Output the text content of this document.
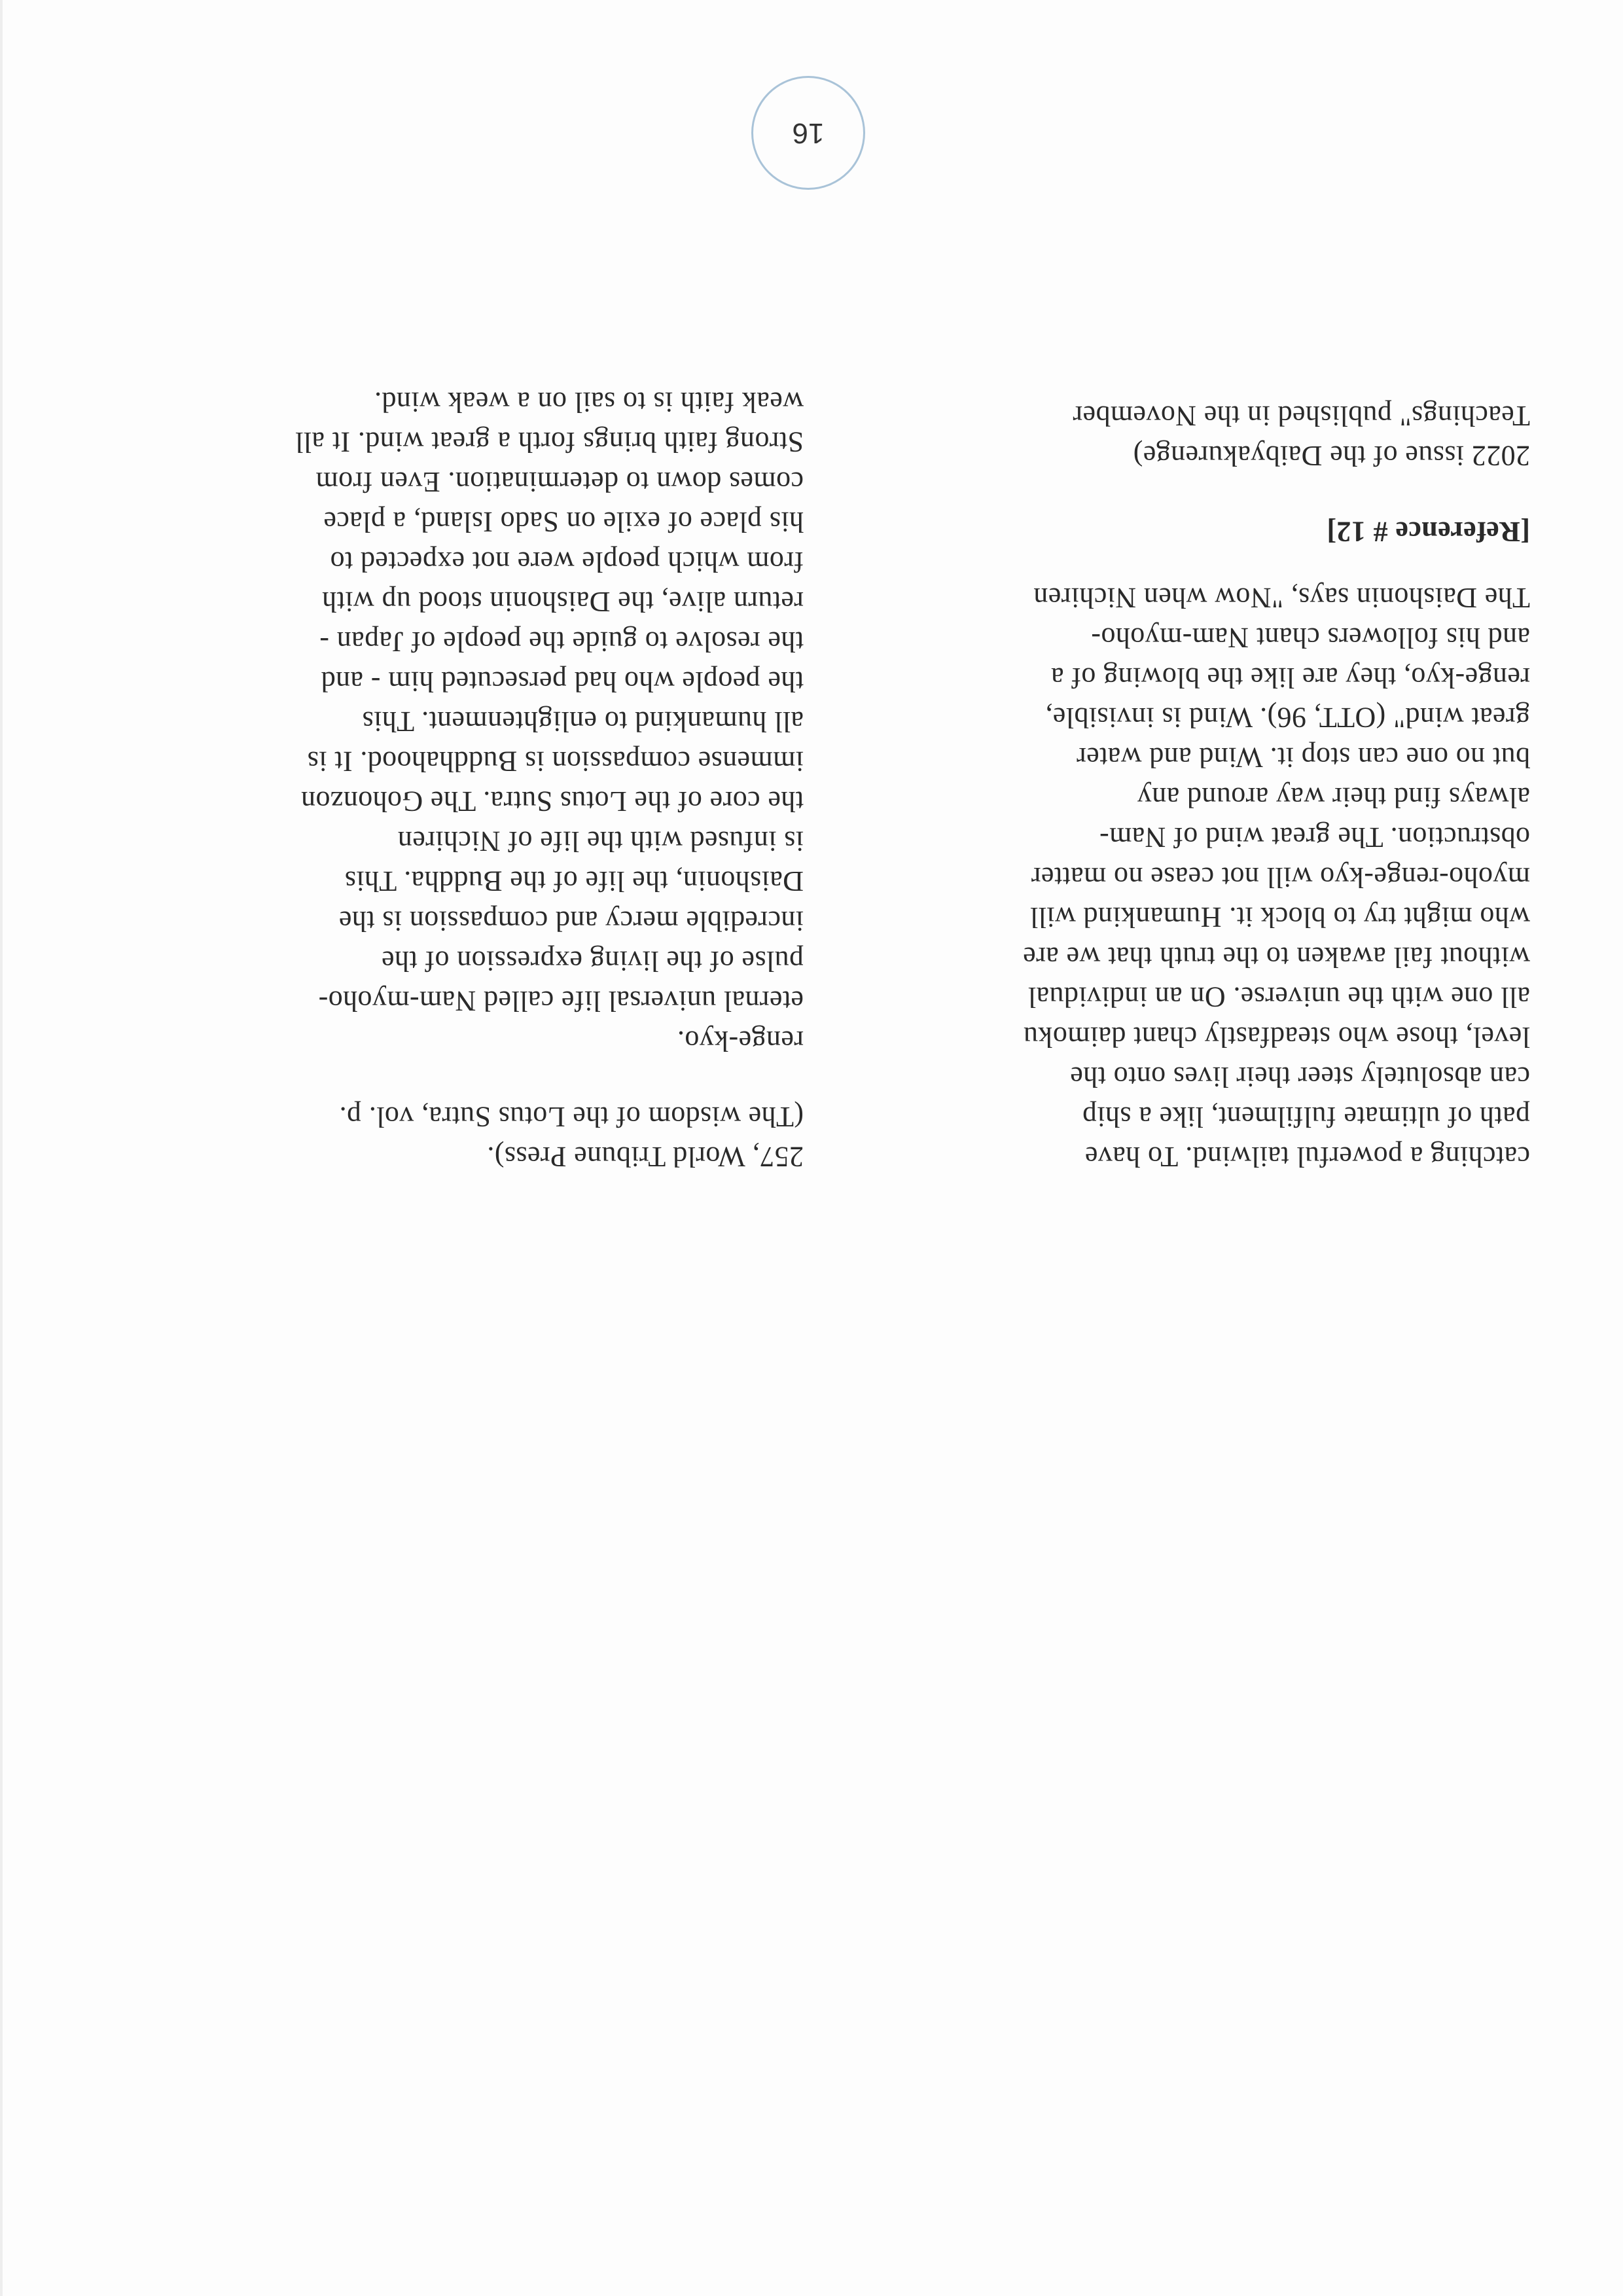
16
catching a powerful tailwind. To have
path of ultimate fulfilment, like a ship
can absolutely steer their lives onto the
level, those who steadfastly chant daimoku
all one with the universe. On an individual
without fail awaken to the truth that we are
who might try to block it. Humankind will
myoho-renge-kyo will not cease no matter
obstruction. The great wind of Nam-
always find their way around any
but no one can stop it. Wind and water
great wind" (OTT, 96). Wind is invisible,
renge-kyo, they are like the blowing of a
and his followers chant Nam-myoho-
The Daishonin says, "Now when Nichiren
[Reference # 12]
2022 issue of the Daibyakurenge)
Teachings" published in the November
257, World Tribune Press).
(The wisdom of the Lotus Sutra, vol. p.
renge-kyo.
eternal universal life called Nam-myoho-
pulse of the living expression of the
incredible mercy and compassion is the
Daishonin, the life of the Buddha. This
is infused with the life of Nichiren
the core of the Lotus Sutra. The Gohonzon
immense compassion is Buddhahood. It is
all humankind to enlightenment. This
the people who had persecuted him - and
the resolve to guide the people of Japan -
return alive, the Daishonin stood up with
from which people were not expected to
his place of exile on Sado Island, a place
comes down to determination. Even from
Strong faith brings forth a great wind. It all
weak faith is to sail on a weak wind.
